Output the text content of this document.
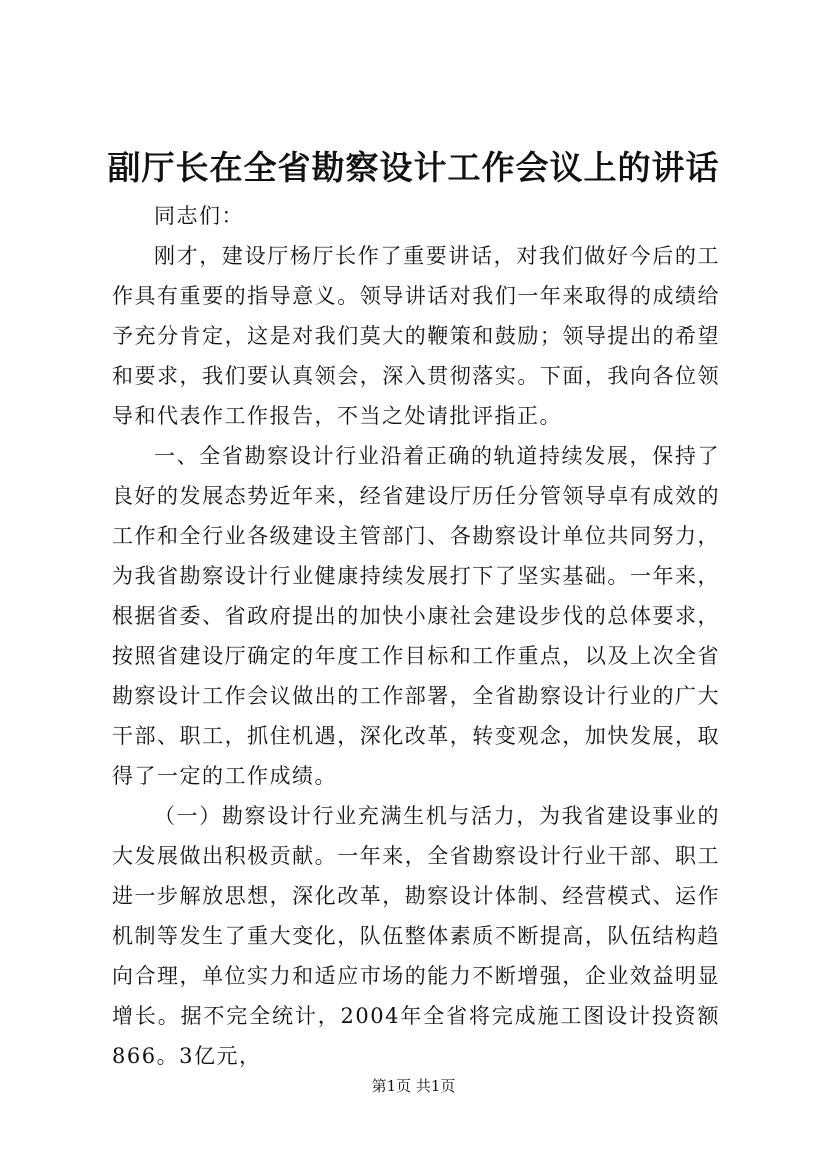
副厅长在全省勘察设计工作会议上的讲话

同志们：

刚才，建设厅杨厅长作了重要讲话，对我们做好今后的工作具有重要的指导意义。领导讲话对我们一年来取得的成绩给予充分肯定，这是对我们莫大的鞭策和鼓励；领导提出的希望和要求，我们要认真领会，深入贯彻落实。下面，我向各位领导和代表作工作报告，不当之处请批评指正。

一、全省勘察设计行业沿着正确的轨道持续发展，保持了良好的发展态势近年来，经省建设厅历任分管领导卓有成效的工作和全行业各级建设主管部门、各勘察设计单位共同努力，为我省勘察设计行业健康持续发展打下了坚实基础。一年来，根据省委、省政府提出的加快小康社会建设步伐的总体要求，按照省建设厅确定的年度工作目标和工作重点，以及上次全省勘察设计工作会议做出的工作部署，全省勘察设计行业的广大干部、职工，抓住机遇，深化改革，转变观念，加快发展，取得了一定的工作成绩。

（一）勘察设计行业充满生机与活力，为我省建设事业的大发展做出积极贡献。一年来，全省勘察设计行业干部、职工进一步解放思想，深化改革，勘察设计体制、经营模式、运作机制等发生了重大变化，队伍整体素质不断提高，队伍结构趋向合理，单位实力和适应市场的能力不断增强，企业效益明显增长。据不完全统计，2004年全省将完成施工图设计投资额866。3亿元，

第1页 共1页
